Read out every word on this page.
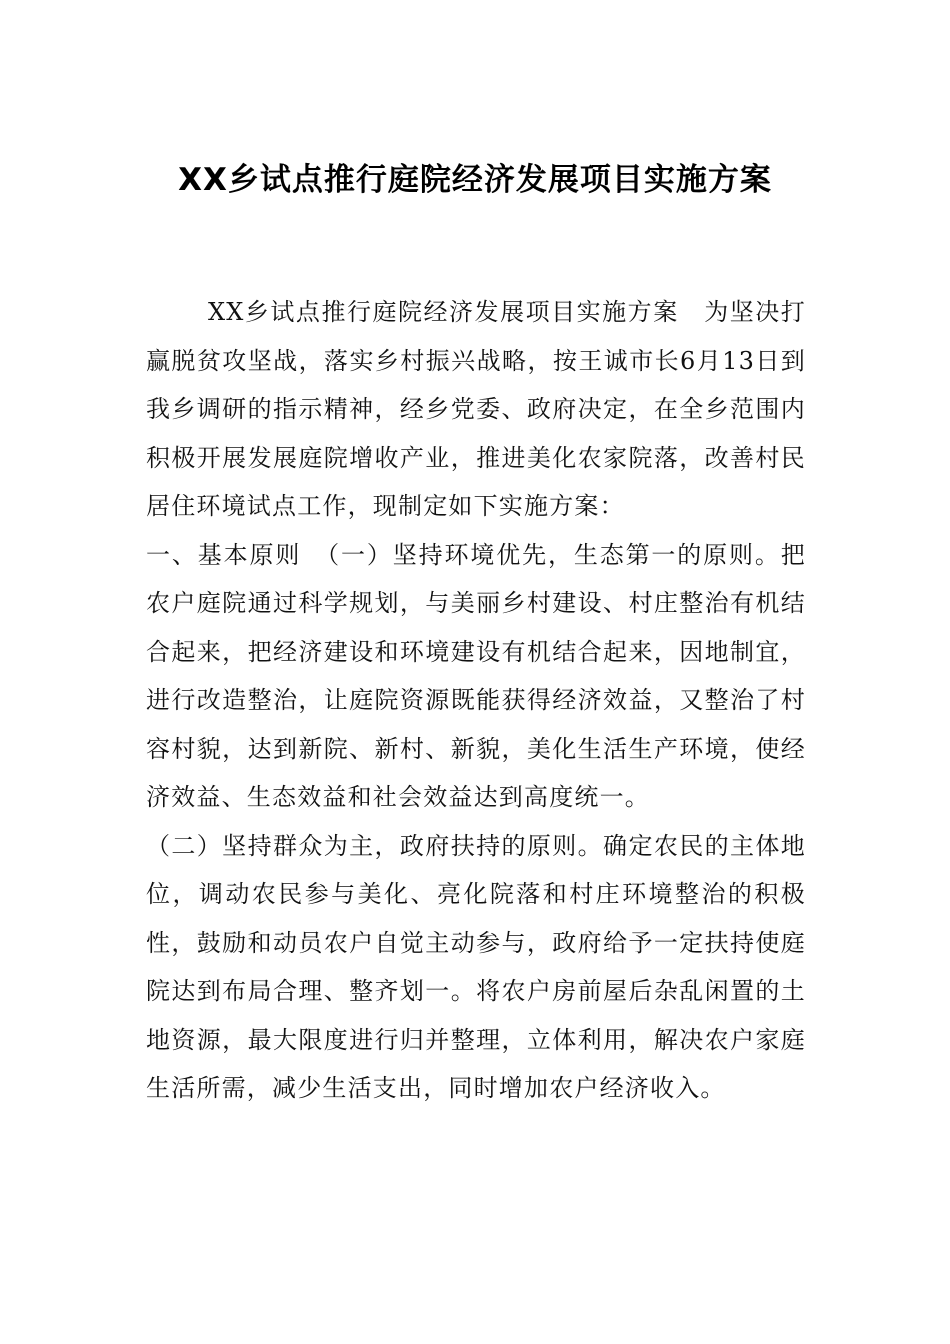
XX乡试点推行庭院经济发展项目实施方案

XX乡试点推行庭院经济发展项目实施方案　为坚决打赢脱贫攻坚战，落实乡村振兴战略，按王诚市长6月13日到我乡调研的指示精神，经乡党委、政府决定，在全乡范围内积极开展发展庭院增收产业，推进美化农家院落，改善村民居住环境试点工作，现制定如下实施方案：

一、基本原则　（一）坚持环境优先，生态第一的原则。把农户庭院通过科学规划，与美丽乡村建设、村庄整治有机结合起来，把经济建设和环境建设有机结合起来，因地制宜，进行改造整治，让庭院资源既能获得经济效益，又整治了村容村貌，达到新院、新村、新貌，美化生活生产环境，使经济效益、生态效益和社会效益达到高度统一。

（二）坚持群众为主，政府扶持的原则。确定农民的主体地位，调动农民参与美化、亮化院落和村庄环境整治的积极性，鼓励和动员农户自觉主动参与，政府给予一定扶持使庭院达到布局合理、整齐划一。将农户房前屋后杂乱闲置的土地资源，最大限度进行归并整理，立体利用，解决农户家庭生活所需，减少生活支出，同时增加农户经济收入。
